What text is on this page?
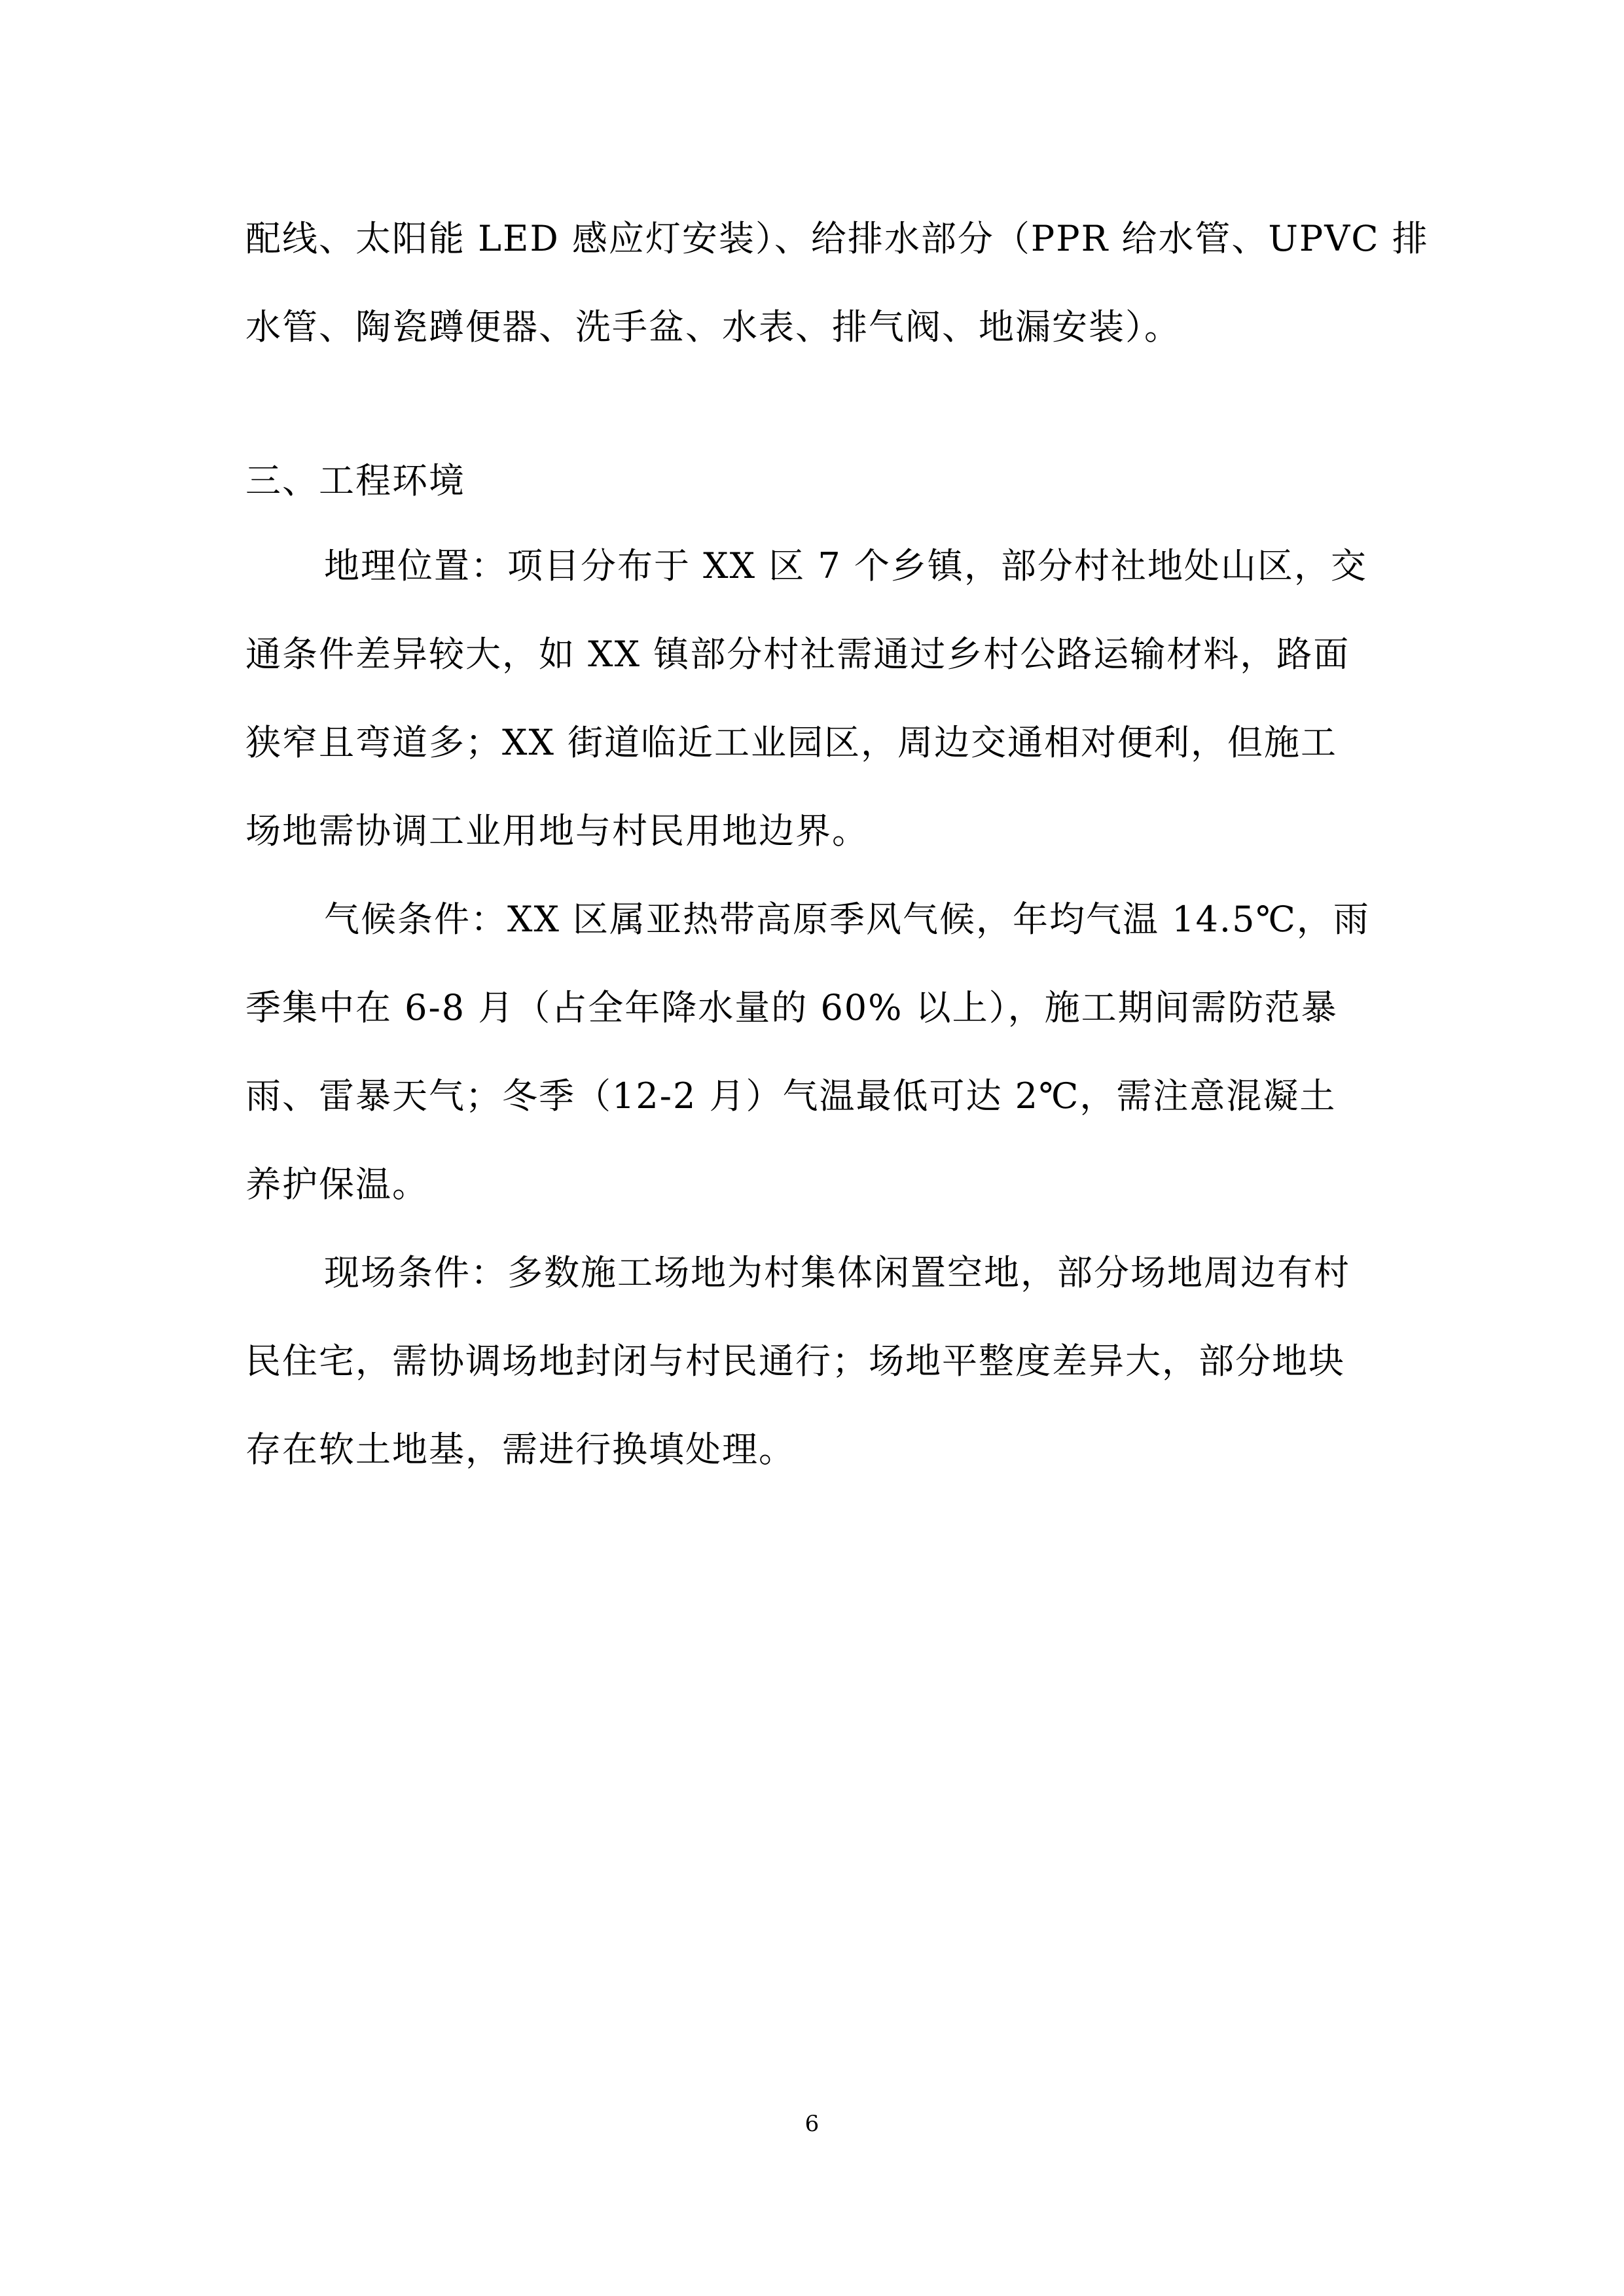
配线、太阳能 LED 感应灯安装）、给排水部分（PPR 给水管、UPVC 排
水管、陶瓷蹲便器、洗手盆、水表、排气阀、地漏安装）。
三、工程环境
地理位置：项目分布于 XX 区 7 个乡镇，部分村社地处山区，交
通条件差异较大，如 XX 镇部分村社需通过乡村公路运输材料，路面
狭窄且弯道多；XX 街道临近工业园区，周边交通相对便利，但施工
场地需协调工业用地与村民用地边界。
气候条件：XX 区属亚热带高原季风气候，年均气温 14.5℃，雨
季集中在 6-8 月（占全年降水量的 60% 以上），施工期间需防范暴
雨、雷暴天气；冬季（12-2 月）气温最低可达 2℃，需注意混凝土
养护保温。
现场条件：多数施工场地为村集体闲置空地，部分场地周边有村
民住宅，需协调场地封闭与村民通行；场地平整度差异大，部分地块
存在软土地基，需进行换填处理。
6
